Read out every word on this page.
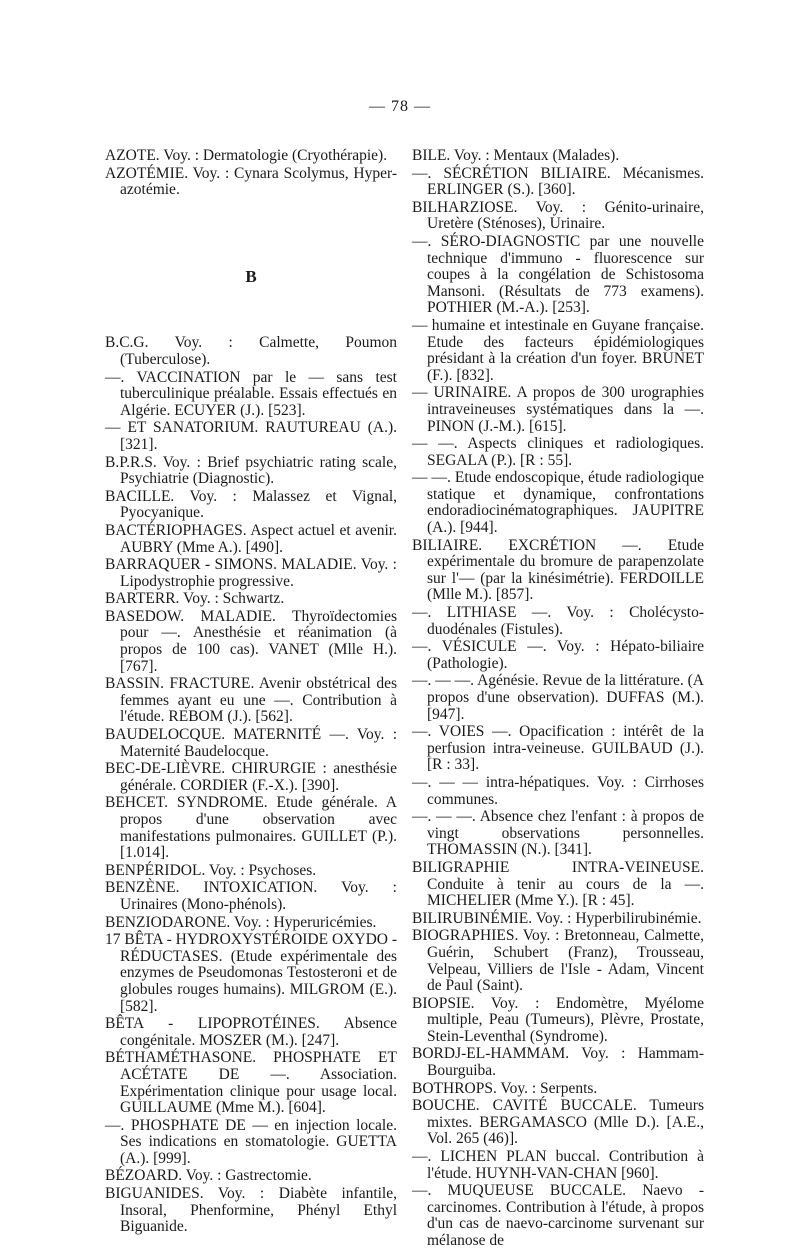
— 78 —

AZOTE. Voy. : Dermatologie (Cryothérapie).

AZOTÉMIE. Voy. : Cynara Scolymus, Hyper-azotémie.

B

B.C.G. Voy. : Calmette, Poumon (Tuberculose).

—. VACCINATION par le — sans test tuberculinique préalable. Essais effectués en Algérie. ECUYER (J.). [523].

— ET SANATORIUM. RAUTUREAU (A.). [321].

B.P.R.S. Voy. : Brief psychiatric rating scale, Psychiatrie (Diagnostic).

BACILLE. Voy. : Malassez et Vignal, Pyocyanique.

BACTÉRIOPHAGES. Aspect actuel et avenir. AUBRY (Mme A.). [490].

BARRAQUER - SIMONS. MALADIE. Voy. : Lipodystrophie progressive.

BARTERR. Voy. : Schwartz.

BASEDOW. MALADIE. Thyroïdectomies pour —. Anesthésie et réanimation (à propos de 100 cas). VANET (Mlle H.). [767].

BASSIN. FRACTURE. Avenir obstétrical des femmes ayant eu une —. Contribution à l'étude. REBOM (J.). [562].

BAUDELOCQUE. MATERNITÉ —. Voy. : Maternité Baudelocque.

BEC-DE-LIÈVRE. CHIRURGIE : anesthésie générale. CORDIER (F.-X.). [390].

BEHCET. SYNDROME. Etude générale. A propos d'une observation avec manifestations pulmonaires. GUILLET (P.). [1.014].

BENPÉRIDOL. Voy. : Psychoses.

BENZÈNE. INTOXICATION. Voy. : Urinaires (Mono-phénols).

BENZIODARONE. Voy. : Hyperuricémies.

17 BÊTA - HYDROXYSTÉROIDE OXYDO - RÉDUCTASES. (Etude expérimentale des enzymes de Pseudomonas Testosteroni et de globules rouges humains). MILGROM (E.). [582].

BÊTA - LIPOPROTÉINES. Absence congénitale. MOSZER (M.). [247].

BÉTHAMÉTHASONE. PHOSPHATE ET ACÉTATE DE —. Association. Expérimentation clinique pour usage local. GUILLAUME (Mme M.). [604].

—. PHOSPHATE DE — en injection locale. Ses indications en stomatologie. GUETTA (A.). [999].

BÉZOARD. Voy. : Gastrectomie.

BIGUANIDES. Voy. : Diabète infantile, Insoral, Phenformine, Phényl Ethyl Biguanide.

BILE. Voy. : Mentaux (Malades).

—. SÉCRÉTION BILIAIRE. Mécanismes. ERLINGER (S.). [360].

BILHARZIOSE. Voy. : Génito-urinaire, Uretère (Sténoses), Urinaire.

—. SÉRO-DIAGNOSTIC par une nouvelle technique d'immuno - fluorescence sur coupes à la congélation de Schistosoma Mansoni. (Résultats de 773 examens). POTHIER (M.-A.). [253].

— humaine et intestinale en Guyane française. Etude des facteurs épidémiologiques présidant à la création d'un foyer. BRUNET (F.). [832].

— URINAIRE. A propos de 300 urographies intraveineuses systématiques dans la —. PINON (J.-M.). [615].

— —. Aspects cliniques et radiologiques. SEGALA (P.). [R : 55].

— —. Etude endoscopique, étude radiologique statique et dynamique, confrontations endoradiocinématographiques. JAUPITRE (A.). [944].

BILIAIRE. EXCRÉTION —. Etude expérimentale du bromure de parapenzolate sur l'— (par la kinésimétrie). FERDOILLE (Mlle M.). [857].

—. LITHIASE —. Voy. : Cholécysto-duodénales (Fistules).

—. VÉSICULE —. Voy. : Hépato-biliaire (Pathologie).

—. — —. Agénésie. Revue de la littérature. (A propos d'une observation). DUFFAS (M.). [947].

—. VOIES —. Opacification : intérêt de la perfusion intra-veineuse. GUILBAUD (J.). [R : 33].

—. — — intra-hépatiques. Voy. : Cirrhoses communes.

—. — —. Absence chez l'enfant : à propos de vingt observations personnelles. THOMASSIN (N.). [341].

BILIGRAPHIE INTRA-VEINEUSE. Conduite à tenir au cours de la —. MICHELIER (Mme Y.). [R : 45].

BILIRUBINÉMIE. Voy. : Hyperbilirubinémie.

BIOGRAPHIES. Voy. : Bretonneau, Calmette, Guérin, Schubert (Franz), Trousseau, Velpeau, Villiers de l'Isle - Adam, Vincent de Paul (Saint).

BIOPSIE. Voy. : Endomètre, Myélome multiple, Peau (Tumeurs), Plèvre, Prostate, Stein-Leventhal (Syndrome).

BORDJ-EL-HAMMAM. Voy. : Hammam-Bourguiba.

BOTHROPS. Voy. : Serpents.

BOUCHE. CAVITÉ BUCCALE. Tumeurs mixtes. BERGAMASCO (Mlle D.). [A.E., Vol. 265 (46)].

—. LICHEN PLAN buccal. Contribution à l'étude. HUYNH-VAN-CHAN [960].

—. MUQUEUSE BUCCALE. Naevo - carcinomes. Contribution à l'étude, à propos d'un cas de naevo-carcinome survenant sur mélanose de
